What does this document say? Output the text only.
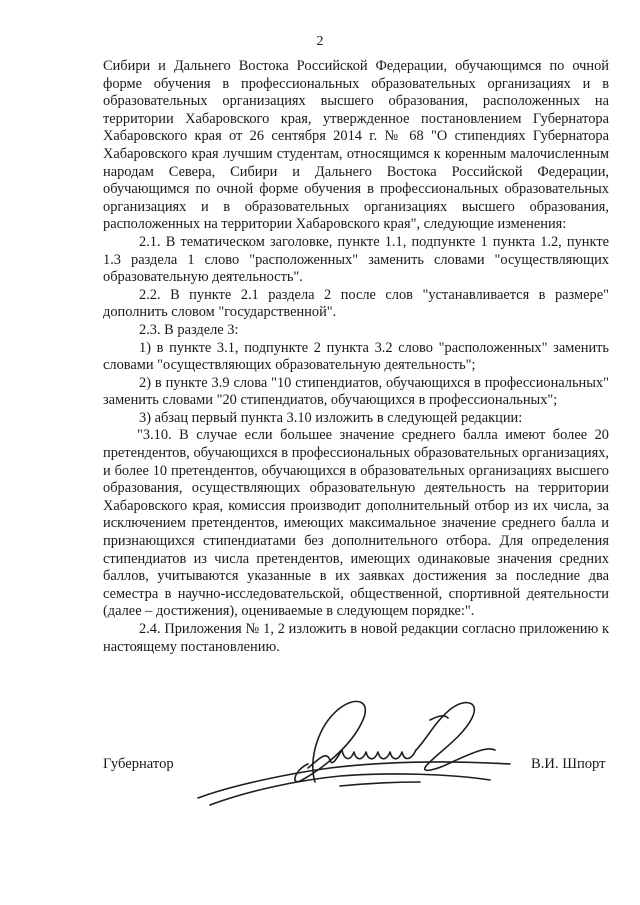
2

Сибири и Дальнего Востока Российской Федерации, обучающимся по очной форме обучения в профессиональных образовательных организациях и в образовательных организациях высшего образования, расположенных на территории Хабаровского края, утвержденное постановлением Губернатора Хабаровского края от 26 сентября 2014 г. № 68 "О стипендиях Губернатора Хабаровского края лучшим студентам, относящимся к коренным малочисленным народам Севера, Сибири и Дальнего Востока Российской Федерации, обучающимся по очной форме обучения в профессиональных образовательных организациях и в образовательных организациях высшего образования, расположенных на территории Хабаровского края", следующие изменения:

2.1. В тематическом заголовке, пункте 1.1, подпункте 1 пункта 1.2, пункте 1.3 раздела 1 слово "расположенных" заменить словами "осуществляющих образовательную деятельность".

2.2. В пункте 2.1 раздела 2 после слов "устанавливается в размере" дополнить словом "государственной".

2.3. В разделе 3:

1) в пункте 3.1, подпункте 2 пункта 3.2 слово "расположенных" заменить словами "осуществляющих образовательную деятельность";

2) в пункте 3.9 слова "10 стипендиатов, обучающихся в профессиональных" заменить словами "20 стипендиатов, обучающихся в профессиональных";

3) абзац первый пункта 3.10 изложить в следующей редакции:

"3.10. В случае если большее значение среднего балла имеют более 20 претендентов, обучающихся в профессиональных образовательных организациях, и более 10 претендентов, обучающихся в образовательных организациях высшего образования, осуществляющих образовательную деятельность на территории Хабаровского края, комиссия производит дополнительный отбор из их числа, за исключением претендентов, имеющих максимальное значение среднего балла и признающихся стипендиатами без дополнительного отбора. Для определения стипендиатов из числа претендентов, имеющих одинаковые значения средних баллов, учитываются указанные в их заявках достижения за последние два семестра в научно-исследовательской, общественной, спортивной деятельности (далее – достижения), оцениваемые в следующем порядке:".

2.4. Приложения № 1, 2 изложить в новой редакции согласно приложению к настоящему постановлению.

Губернатор	В.И. Шпорт
